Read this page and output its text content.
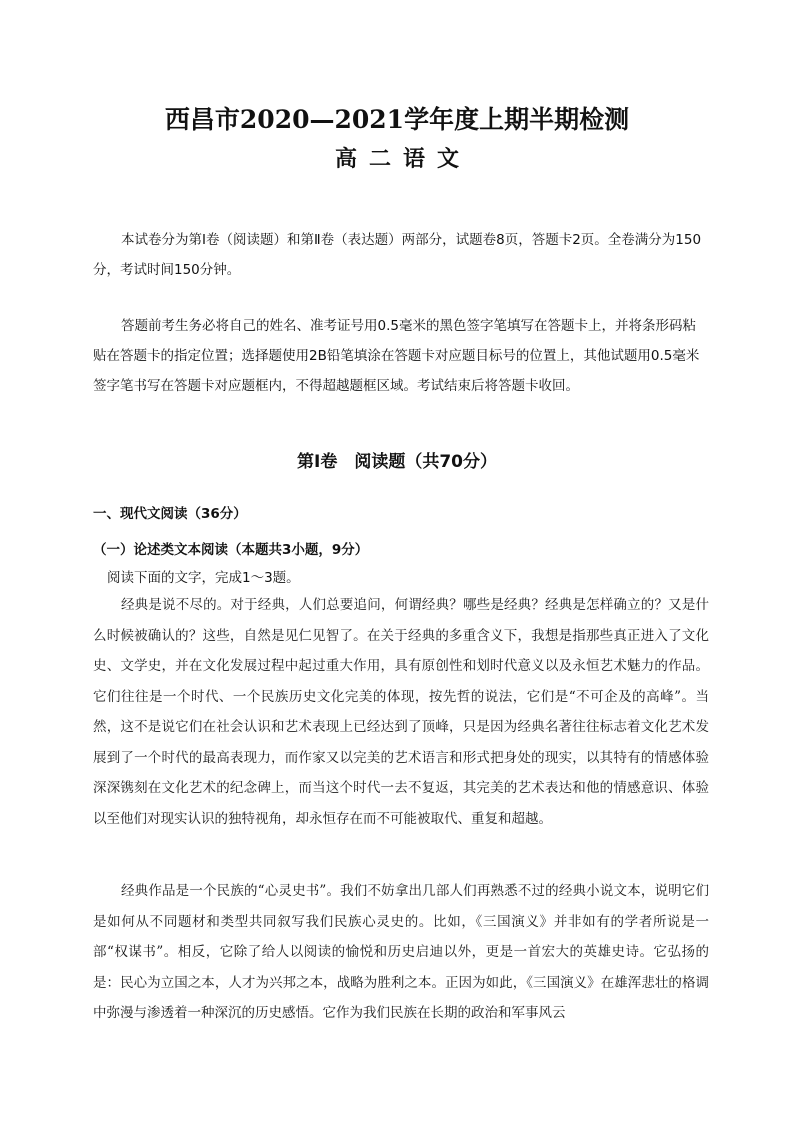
西昌市2020—2021学年度上期半期检测
高二语文

本试卷分为第Ⅰ卷（阅读题）和第Ⅱ卷（表达题）两部分，试题卷8页，答题卡2页。全卷满分为150分，考试时间150分钟。

答题前考生务必将自己的姓名、准考证号用0.5毫米的黑色签字笔填写在答题卡上，并将条形码粘贴在答题卡的指定位置；选择题使用2B铅笔填涂在答题卡对应题目标号的位置上，其他试题用0.5毫米签字笔书写在答题卡对应题框内，不得超越题框区域。考试结束后将答题卡收回。

第Ⅰ卷　阅读题（共70分）
一、现代文阅读（36分）
（一）论述类文本阅读（本题共3小题，9分）
阅读下面的文字，完成1～3题。

经典是说不尽的。对于经典，人们总要追问，何谓经典？哪些是经典？经典是怎样确立的？又是什么时候被确认的？这些，自然是见仁见智了。在关于经典的多重含义下，我想是指那些真正进入了文化史、文学史，并在文化发展过程中起过重大作用，具有原创性和划时代意义以及永恒艺术魅力的作品。它们往往是一个时代、一个民族历史文化完美的体现，按先哲的说法，它们是“不可企及的高峰”。当然，这不是说它们在社会认识和艺术表现上已经达到了顶峰，只是因为经典名著往往标志着文化艺术发展到了一个时代的最高表现力，而作家又以完美的艺术语言和形式把身处的现实，以其特有的情感体验深深镌刻在文化艺术的纪念碑上，而当这个时代一去不复返，其完美的艺术表达和他的情感意识、体验以至他们对现实认识的独特视角，却永恒存在而不可能被取代、重复和超越。

经典作品是一个民族的“心灵史书”。我们不妨拿出几部人们再熟悉不过的经典小说文本，说明它们是如何从不同题材和类型共同叙写我们民族心灵史的。比如，《三国演义》并非如有的学者所说是一部“权谋书”。相反，它除了给人以阅读的愉悦和历史启迪以外，更是一首宏大的英雄史诗。它弘扬的是：民心为立国之本，人才为兴邦之本，战略为胜利之本。正因为如此，《三国演义》在雄浑悲壮的格调中弥漫与渗透着一种深沉的历史感悟。它作为我们民族在长期的政治和军事风云
